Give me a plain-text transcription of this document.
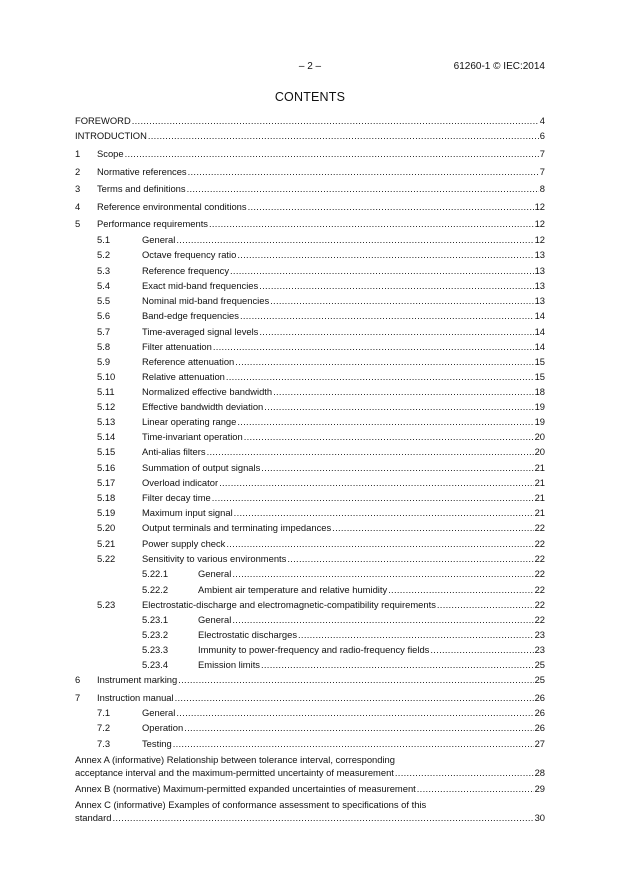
– 2 –	61260-1 © IEC:2014
CONTENTS
FOREWORD .....	4
INTRODUCTION .....	6
1	Scope .....	7
2	Normative references .....	7
3	Terms and definitions .....	8
4	Reference environmental conditions .....	12
5	Performance requirements .....	12
5.1	General .....	12
5.2	Octave frequency ratio .....	13
5.3	Reference frequency .....	13
5.4	Exact mid-band frequencies .....	13
5.5	Nominal mid-band frequencies .....	13
5.6	Band-edge frequencies .....	14
5.7	Time-averaged signal levels .....	14
5.8	Filter attenuation .....	14
5.9	Reference attenuation .....	15
5.10	Relative attenuation .....	15
5.11	Normalized effective bandwidth .....	18
5.12	Effective bandwidth deviation .....	19
5.13	Linear operating range .....	19
5.14	Time-invariant operation .....	20
5.15	Anti-alias filters .....	20
5.16	Summation of output signals .....	21
5.17	Overload indicator .....	21
5.18	Filter decay time .....	21
5.19	Maximum input signal .....	21
5.20	Output terminals and terminating impedances .....	22
5.21	Power supply check .....	22
5.22	Sensitivity to various environments .....	22
5.22.1	General .....	22
5.22.2	Ambient air temperature and relative humidity .....	22
5.23	Electrostatic-discharge and electromagnetic-compatibility requirements .....	22
5.23.1	General .....	22
5.23.2	Electrostatic discharges .....	23
5.23.3	Immunity to power-frequency and radio-frequency fields .....	23
5.23.4	Emission limits .....	25
6	Instrument marking .....	25
7	Instruction manual .....	26
7.1	General .....	26
7.2	Operation .....	26
7.3	Testing .....	27
Annex A (informative) Relationship between tolerance interval, corresponding
acceptance interval and the maximum-permitted uncertainty of measurement .....	28
Annex B (normative) Maximum-permitted expanded uncertainties of measurement .....	29
Annex C (informative) Examples of conformance assessment to specifications of this
standard .....	30
